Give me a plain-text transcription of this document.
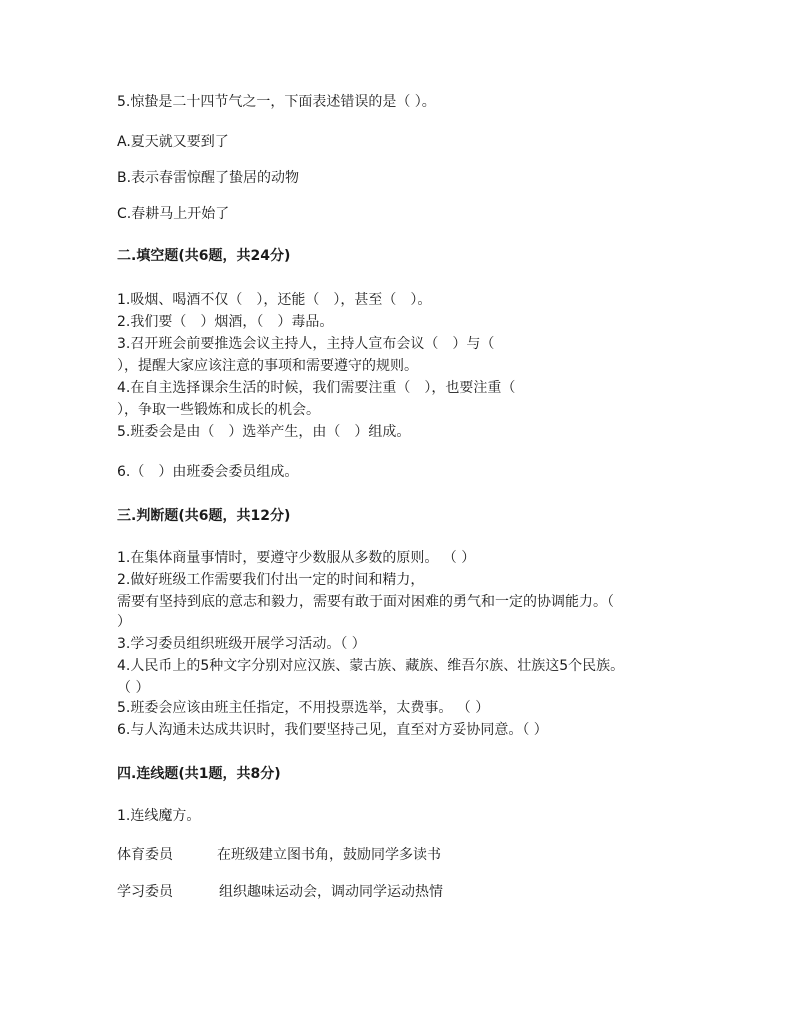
5.惊蛰是二十四节气之一，下面表述错误的是（ ）。
A.夏天就又要到了
B.表示春雷惊醒了蛰居的动物
C.春耕马上开始了
二.填空题(共6题，共24分)
1.吸烟、喝酒不仅（　），还能（　），甚至（　）。
2.我们要（　）烟酒，（　）毒品。
3.召开班会前要推选会议主持人，主持人宣布会议（　）与（
），提醒大家应该注意的事项和需要遵守的规则。
4.在自主选择课余生活的时候，我们需要注重（　），也要注重（
），争取一些锻炼和成长的机会。
5.班委会是由（　）选举产生，由（　）组成。
6.（　）由班委会委员组成。
三.判断题(共6题，共12分)
1.在集体商量事情时，要遵守少数服从多数的原则。 （ ）
2.做好班级工作需要我们付出一定的时间和精力，
需要有坚持到底的意志和毅力，需要有敢于面对困难的勇气和一定的协调能力。（
）
3.学习委员组织班级开展学习活动。（ ）
4.人民币上的5种文字分别对应汉族、蒙古族、藏族、维吾尔族、壮族这5个民族。
（ ）
5.班委会应该由班主任指定，不用投票选举，太费事。 （ ）
6.与人沟通未达成共识时，我们要坚持己见，直至对方妥协同意。（ ）
四.连线题(共1题，共8分)
1.连线魔方。
体育委员	在班级建立图书角，鼓励同学多读书
学习委员	组织趣味运动会，调动同学运动热情
